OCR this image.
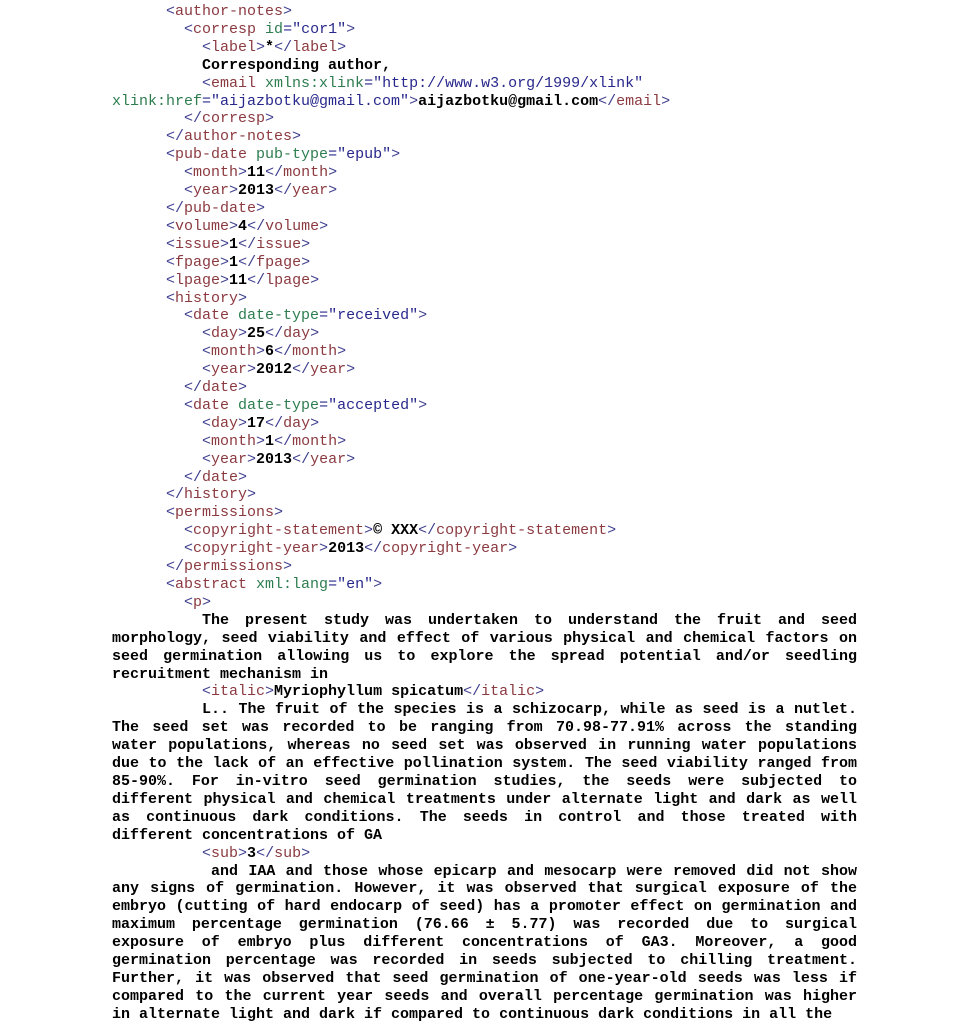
<author-notes>
<corresp id="cor1">
<label>*</label>
Corresponding author,
<email xmlns:xlink="http://www.w3.org/1999/xlink"
xlink:href="aijazbotku@gmail.com">aijazbotku@gmail.com</email>
</corresp>
</author-notes>
<pub-date pub-type="epub">
<month>11</month>
<year>2013</year>
</pub-date>
<volume>4</volume>
<issue>1</issue>
<fpage>1</fpage>
<lpage>11</lpage>
<history>
<date date-type="received">
<day>25</day>
<month>6</month>
<year>2012</year>
</date>
<date date-type="accepted">
<day>17</day>
<month>1</month>
<year>2013</year>
</date>
</history>
<permissions>
<copyright-statement>© XXX</copyright-statement>
<copyright-year>2013</copyright-year>
</permissions>
<abstract xml:lang="en">
<p>
The present study was undertaken to understand the fruit and seed morphology, seed viability and effect of various physical and chemical factors on seed germination allowing us to explore the spread potential and/or seedling recruitment mechanism in
<italic>Myriophyllum spicatum</italic>
L.. The fruit of the species is a schizocarp, while as seed is a nutlet. The seed set was recorded to be ranging from 70.98-77.91% across the standing water populations, whereas no seed set was observed in running water populations due to the lack of an effective pollination system. The seed viability ranged from 85-90%. For in-vitro seed germination studies, the seeds were subjected to different physical and chemical treatments under alternate light and dark as well as continuous dark conditions. The seeds in control and those treated with different concentrations of GA
<sub>3</sub>
and IAA and those whose epicarp and mesocarp were removed did not show any signs of germination. However, it was observed that surgical exposure of the embryo (cutting of hard endocarp of seed) has a promoter effect on germination and maximum percentage germination (76.66 ± 5.77) was recorded due to surgical exposure of embryo plus different concentrations of GA3. Moreover, a good germination percentage was recorded in seeds subjected to chilling treatment. Further, it was observed that seed germination of one-year-old seeds was less if compared to the current year seeds and overall percentage germination was higher in alternate light and dark if compared to continuous dark conditions in all the
